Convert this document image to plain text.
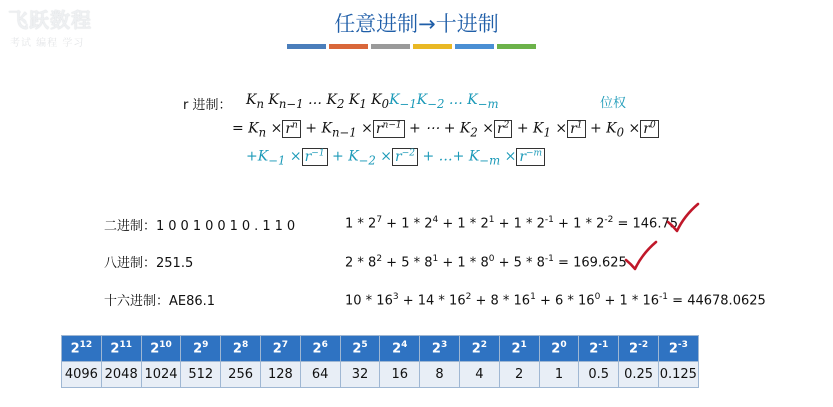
飞跃数程
考试 编程 学习
任意进制→十进制
r 进制： $K_n$ $K_{n-1}$ … $K_2$ $K_1$ $K_0K_{-1}K_{-2}$ … $K_{-m}$	位权
= $K_n \times r^n + K_{n-1} \times r^{n-1}$ + ⋯ + $K_2 \times r^2 + K_1 \times r^1 + K_0 \times r^0$
$+K_{-1} \times r^{-1} + K_{-2} \times r^{-2}$ + …+ $K_{-m} \times r^{-m}$
二进制：10010010.110	$1 * 2^7 + 1 * 2^4 + 1 * 2^1 + 1 * 2^{-1} + 1 * 2^{-2} = 146.75$
八进制：251.5	$2 * 8^2 + 5 * 8^1 + 1 * 8^0 + 5 * 8^{-1} = 169.625$
十六进制：AE86.1	$10 * 16^3 + 14 * 16^2 + 8 * 16^1 + 6 * 16^0 + 1 * 16^{-1} = 44678.0625$
$2^{12}$	$2^{11}$	$2^{10}$	$2^9$	$2^8$	$2^7$	$2^6$	$2^5$	$2^4$	$2^3$	$2^2$	$2^1$	$2^0$	$2^{-1}$	$2^{-2}$	$2^{-3}$
4096	2048	1024	512	256	128	64	32	16	8	4	2	1	0.5	0.25	0.125
